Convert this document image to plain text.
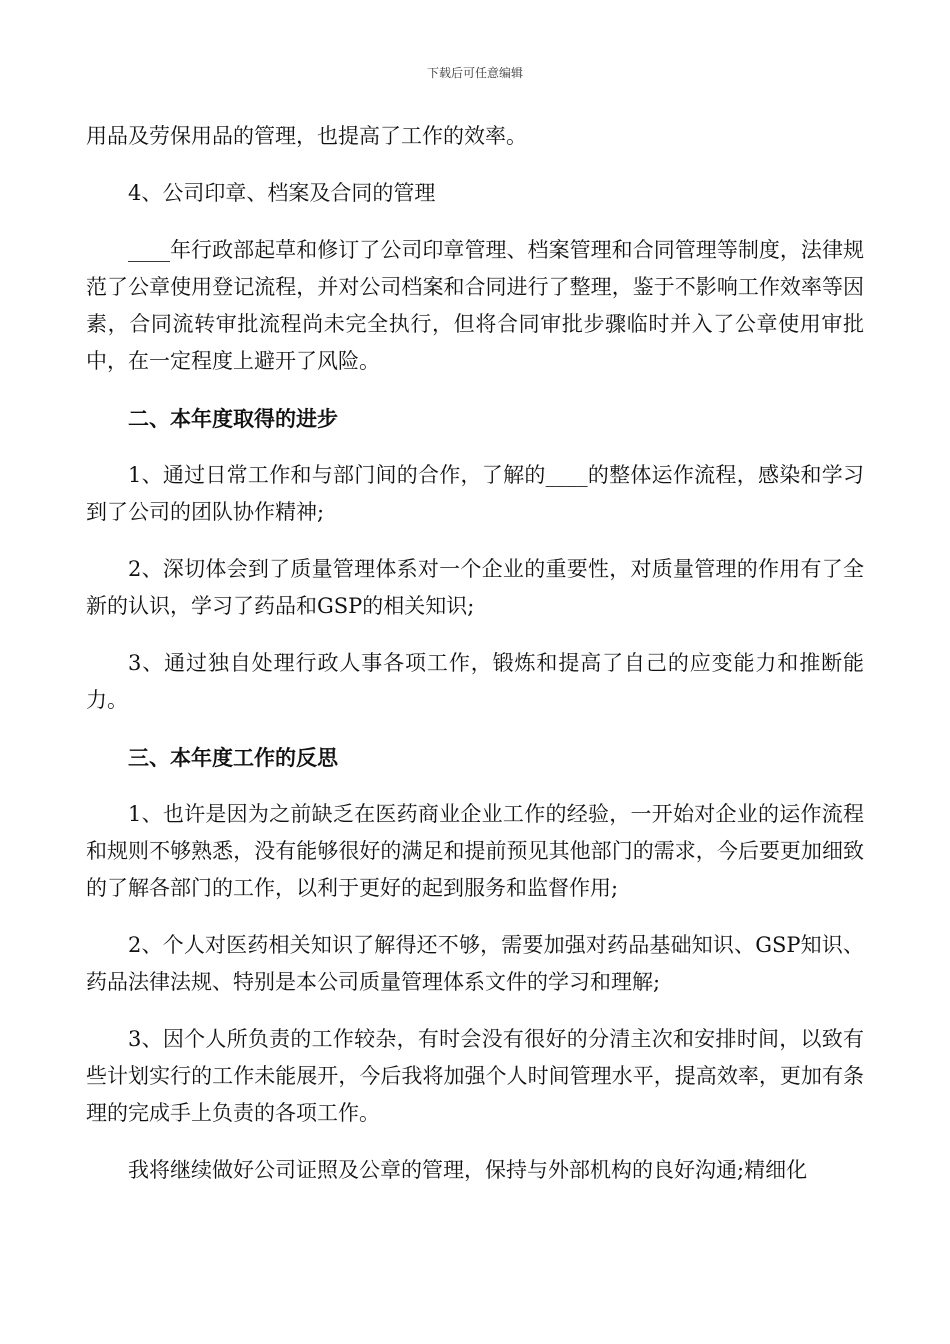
下载后可任意编辑

用品及劳保用品的管理，也提高了工作的效率。

4、公司印章、档案及合同的管理

____年行政部起草和修订了公司印章管理、档案管理和合同管理等制度，法律规范了公章使用登记流程，并对公司档案和合同进行了整理，鉴于不影响工作效率等因素，合同流转审批流程尚未完全执行，但将合同审批步骤临时并入了公章使用审批中，在一定程度上避开了风险。

二、本年度取得的进步

1、通过日常工作和与部门间的合作，了解的____的整体运作流程，感染和学习到了公司的团队协作精神;

2、深切体会到了质量管理体系对一个企业的重要性，对质量管理的作用有了全新的认识，学习了药品和GSP的相关知识;

3、通过独自处理行政人事各项工作，锻炼和提高了自己的应变能力和推断能力。

三、本年度工作的反思

1、也许是因为之前缺乏在医药商业企业工作的经验，一开始对企业的运作流程和规则不够熟悉，没有能够很好的满足和提前预见其他部门的需求，今后要更加细致的了解各部门的工作，以利于更好的起到服务和监督作用;

2、个人对医药相关知识了解得还不够，需要加强对药品基础知识、GSP知识、药品法律法规、特别是本公司质量管理体系文件的学习和理解;

3、因个人所负责的工作较杂，有时会没有很好的分清主次和安排时间，以致有些计划实行的工作未能展开，今后我将加强个人时间管理水平，提高效率，更加有条理的完成手上负责的各项工作。

我将继续做好公司证照及公章的管理，保持与外部机构的良好沟通;精细化
